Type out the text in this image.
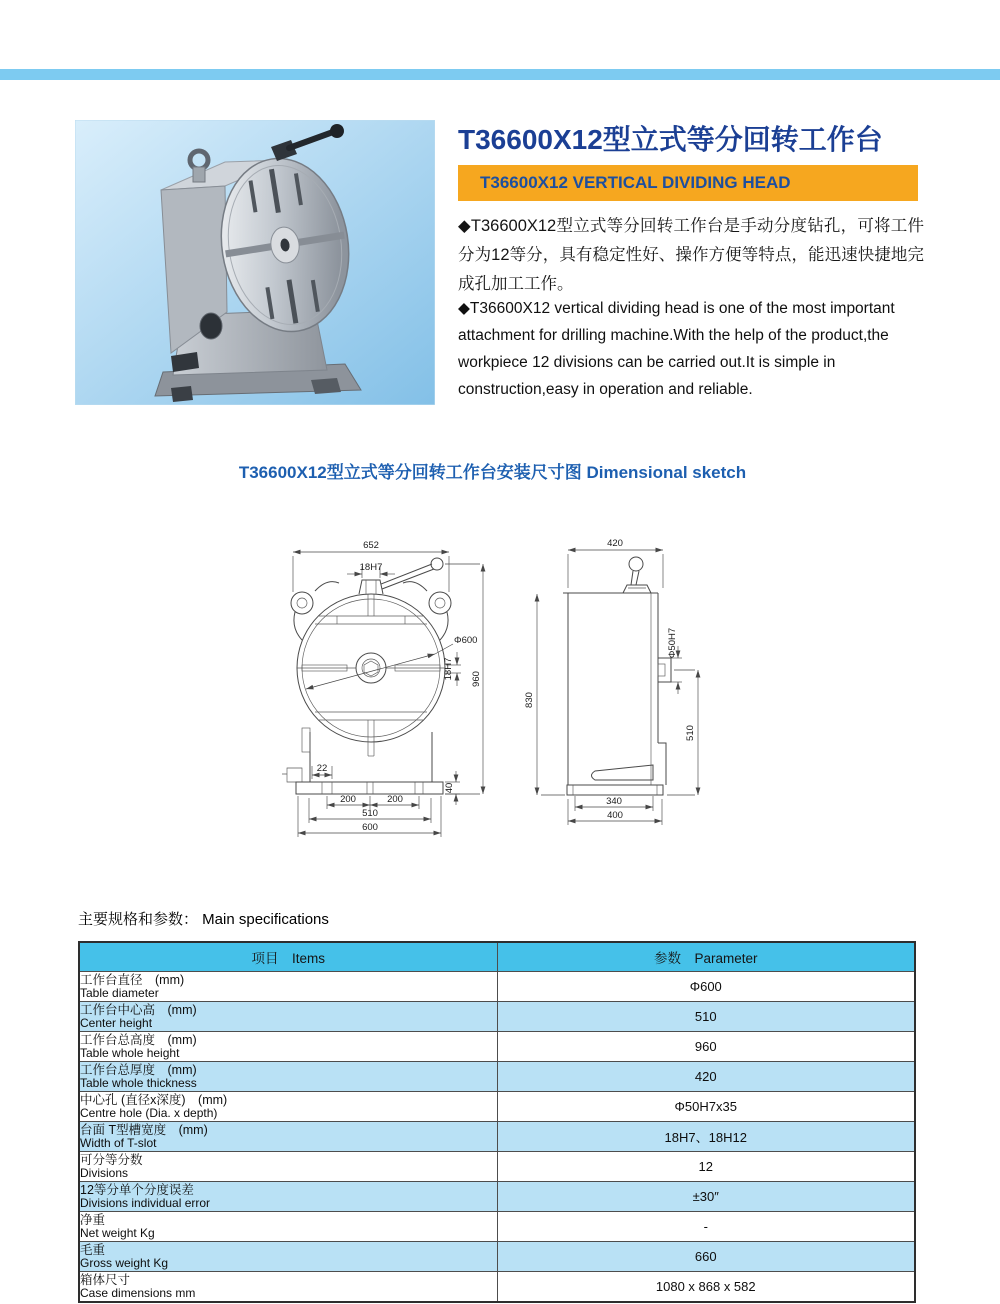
T36600X12型立式等分回转工作台
T36600X12 VERTICAL DIVIDING HEAD
◆T36600X12型立式等分回转工作台是手动分度钻孔，可将工件分为12等分，具有稳定性好、操作方便等特点，能迅速快捷地完成孔加工工作。
◆T36600X12 vertical dividing head is one of the most important attachment for drilling machine.With the help of the product,the workpiece 12 divisions can be carried out.It is simple in construction,easy in operation and reliable.
T36600X12型立式等分回转工作台安装尺寸图 Dimensional sketch
652
18H7
Φ600
18H7 960
22
200	200
510
600
40
420
Φ50H7
830
510
340
400
主要规格和参数： Main specifications
项目　Items	参数　Parameter

工作台直径　(mm)
Table diameter	Φ600

工作台中心高　(mm)
Center height	510

工作台总高度　(mm)
Table whole height	960

工作台总厚度　(mm)
Table whole thickness	420

中心孔 (直径x深度)　(mm)
Centre hole (Dia. x depth)	Φ50H7x35

台面 T型槽宽度　(mm)
Width of T-slot	18H7、18H12

可分等分数
Divisions	12

12等分单个分度误差
Divisions individual error	±30″

净重
Net weight Kg	-

毛重
Gross weight Kg	660

箱体尺寸
Case dimensions mm	1080 x 868 x 582
